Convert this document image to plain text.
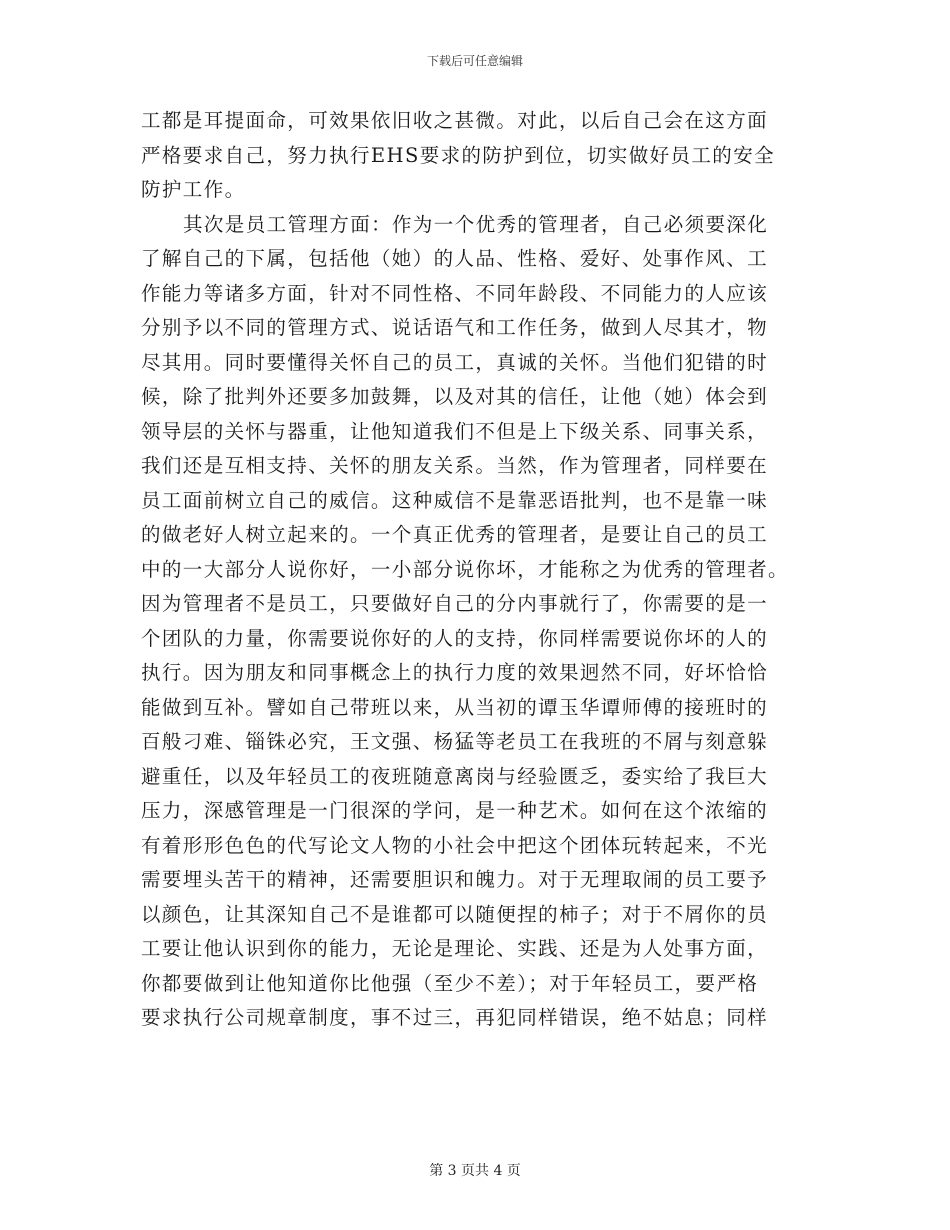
下载后可任意编辑
工都是耳提面命，可效果依旧收之甚微。对此，以后自己会在这方面
严格要求自己，努力执行EHS要求的防护到位，切实做好员工的安全
防护工作。
其次是员工管理方面：作为一个优秀的管理者，自己必须要深化
了解自己的下属，包括他（她）的人品、性格、爱好、处事作风、工
作能力等诸多方面，针对不同性格、不同年龄段、不同能力的人应该
分别予以不同的管理方式、说话语气和工作任务，做到人尽其才，物
尽其用。同时要懂得关怀自己的员工，真诚的关怀。当他们犯错的时
候，除了批判外还要多加鼓舞，以及对其的信任，让他（她）体会到
领导层的关怀与器重，让他知道我们不但是上下级关系、同事关系，
我们还是互相支持、关怀的朋友关系。当然，作为管理者，同样要在
员工面前树立自己的威信。这种威信不是靠恶语批判，也不是靠一味
的做老好人树立起来的。一个真正优秀的管理者，是要让自己的员工
中的一大部分人说你好，一小部分说你坏，才能称之为优秀的管理者。
因为管理者不是员工，只要做好自己的分内事就行了，你需要的是一
个团队的力量，你需要说你好的人的支持，你同样需要说你坏的人的
执行。因为朋友和同事概念上的执行力度的效果迥然不同，好坏恰恰
能做到互补。譬如自己带班以来，从当初的谭玉华谭师傅的接班时的
百般刁难、锱铢必究，王文强、杨猛等老员工在我班的不屑与刻意躲
避重任，以及年轻员工的夜班随意离岗与经验匮乏，委实给了我巨大
压力，深感管理是一门很深的学问，是一种艺术。如何在这个浓缩的
有着形形色色的代写论文人物的小社会中把这个团体玩转起来，不光
需要埋头苦干的精神，还需要胆识和魄力。对于无理取闹的员工要予
以颜色，让其深知自己不是谁都可以随便捏的柿子；对于不屑你的员
工要让他认识到你的能力，无论是理论、实践、还是为人处事方面，
你都要做到让他知道你比他强（至少不差）；对于年轻员工，要严格
要求执行公司规章制度，事不过三，再犯同样错误，绝不姑息；同样
第 3 页共 4 页
